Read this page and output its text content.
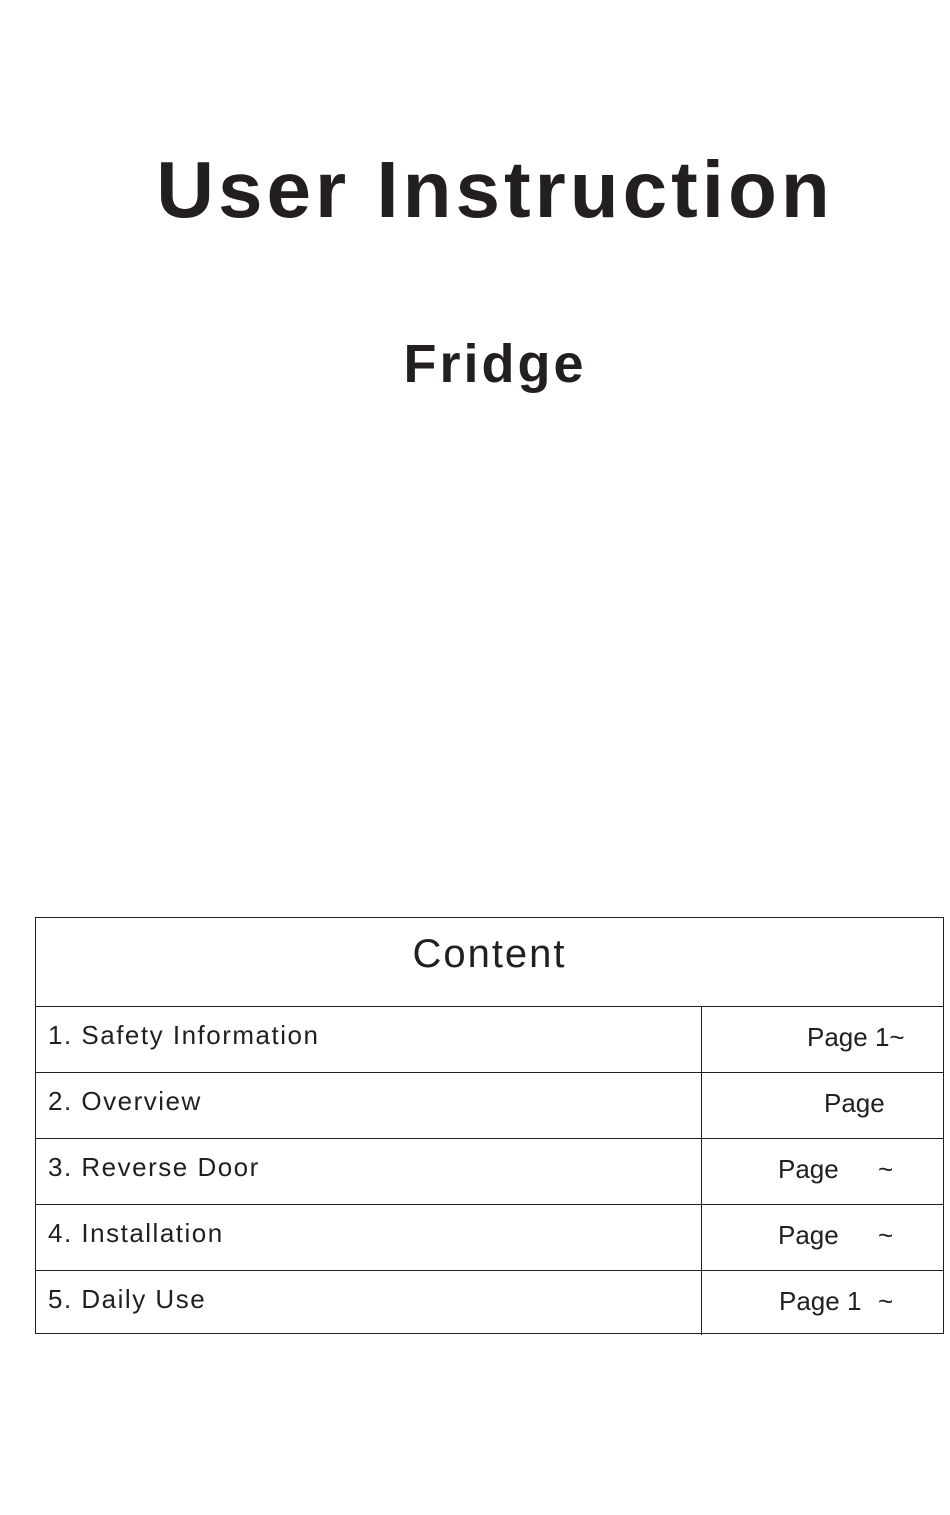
User Instruction
Fridge
Content
1. Safety Information	Page 1~
2. Overview	Page
3. Reverse Door	Page ~
4. Installation	Page ~
5. Daily Use	Page 1 ~
